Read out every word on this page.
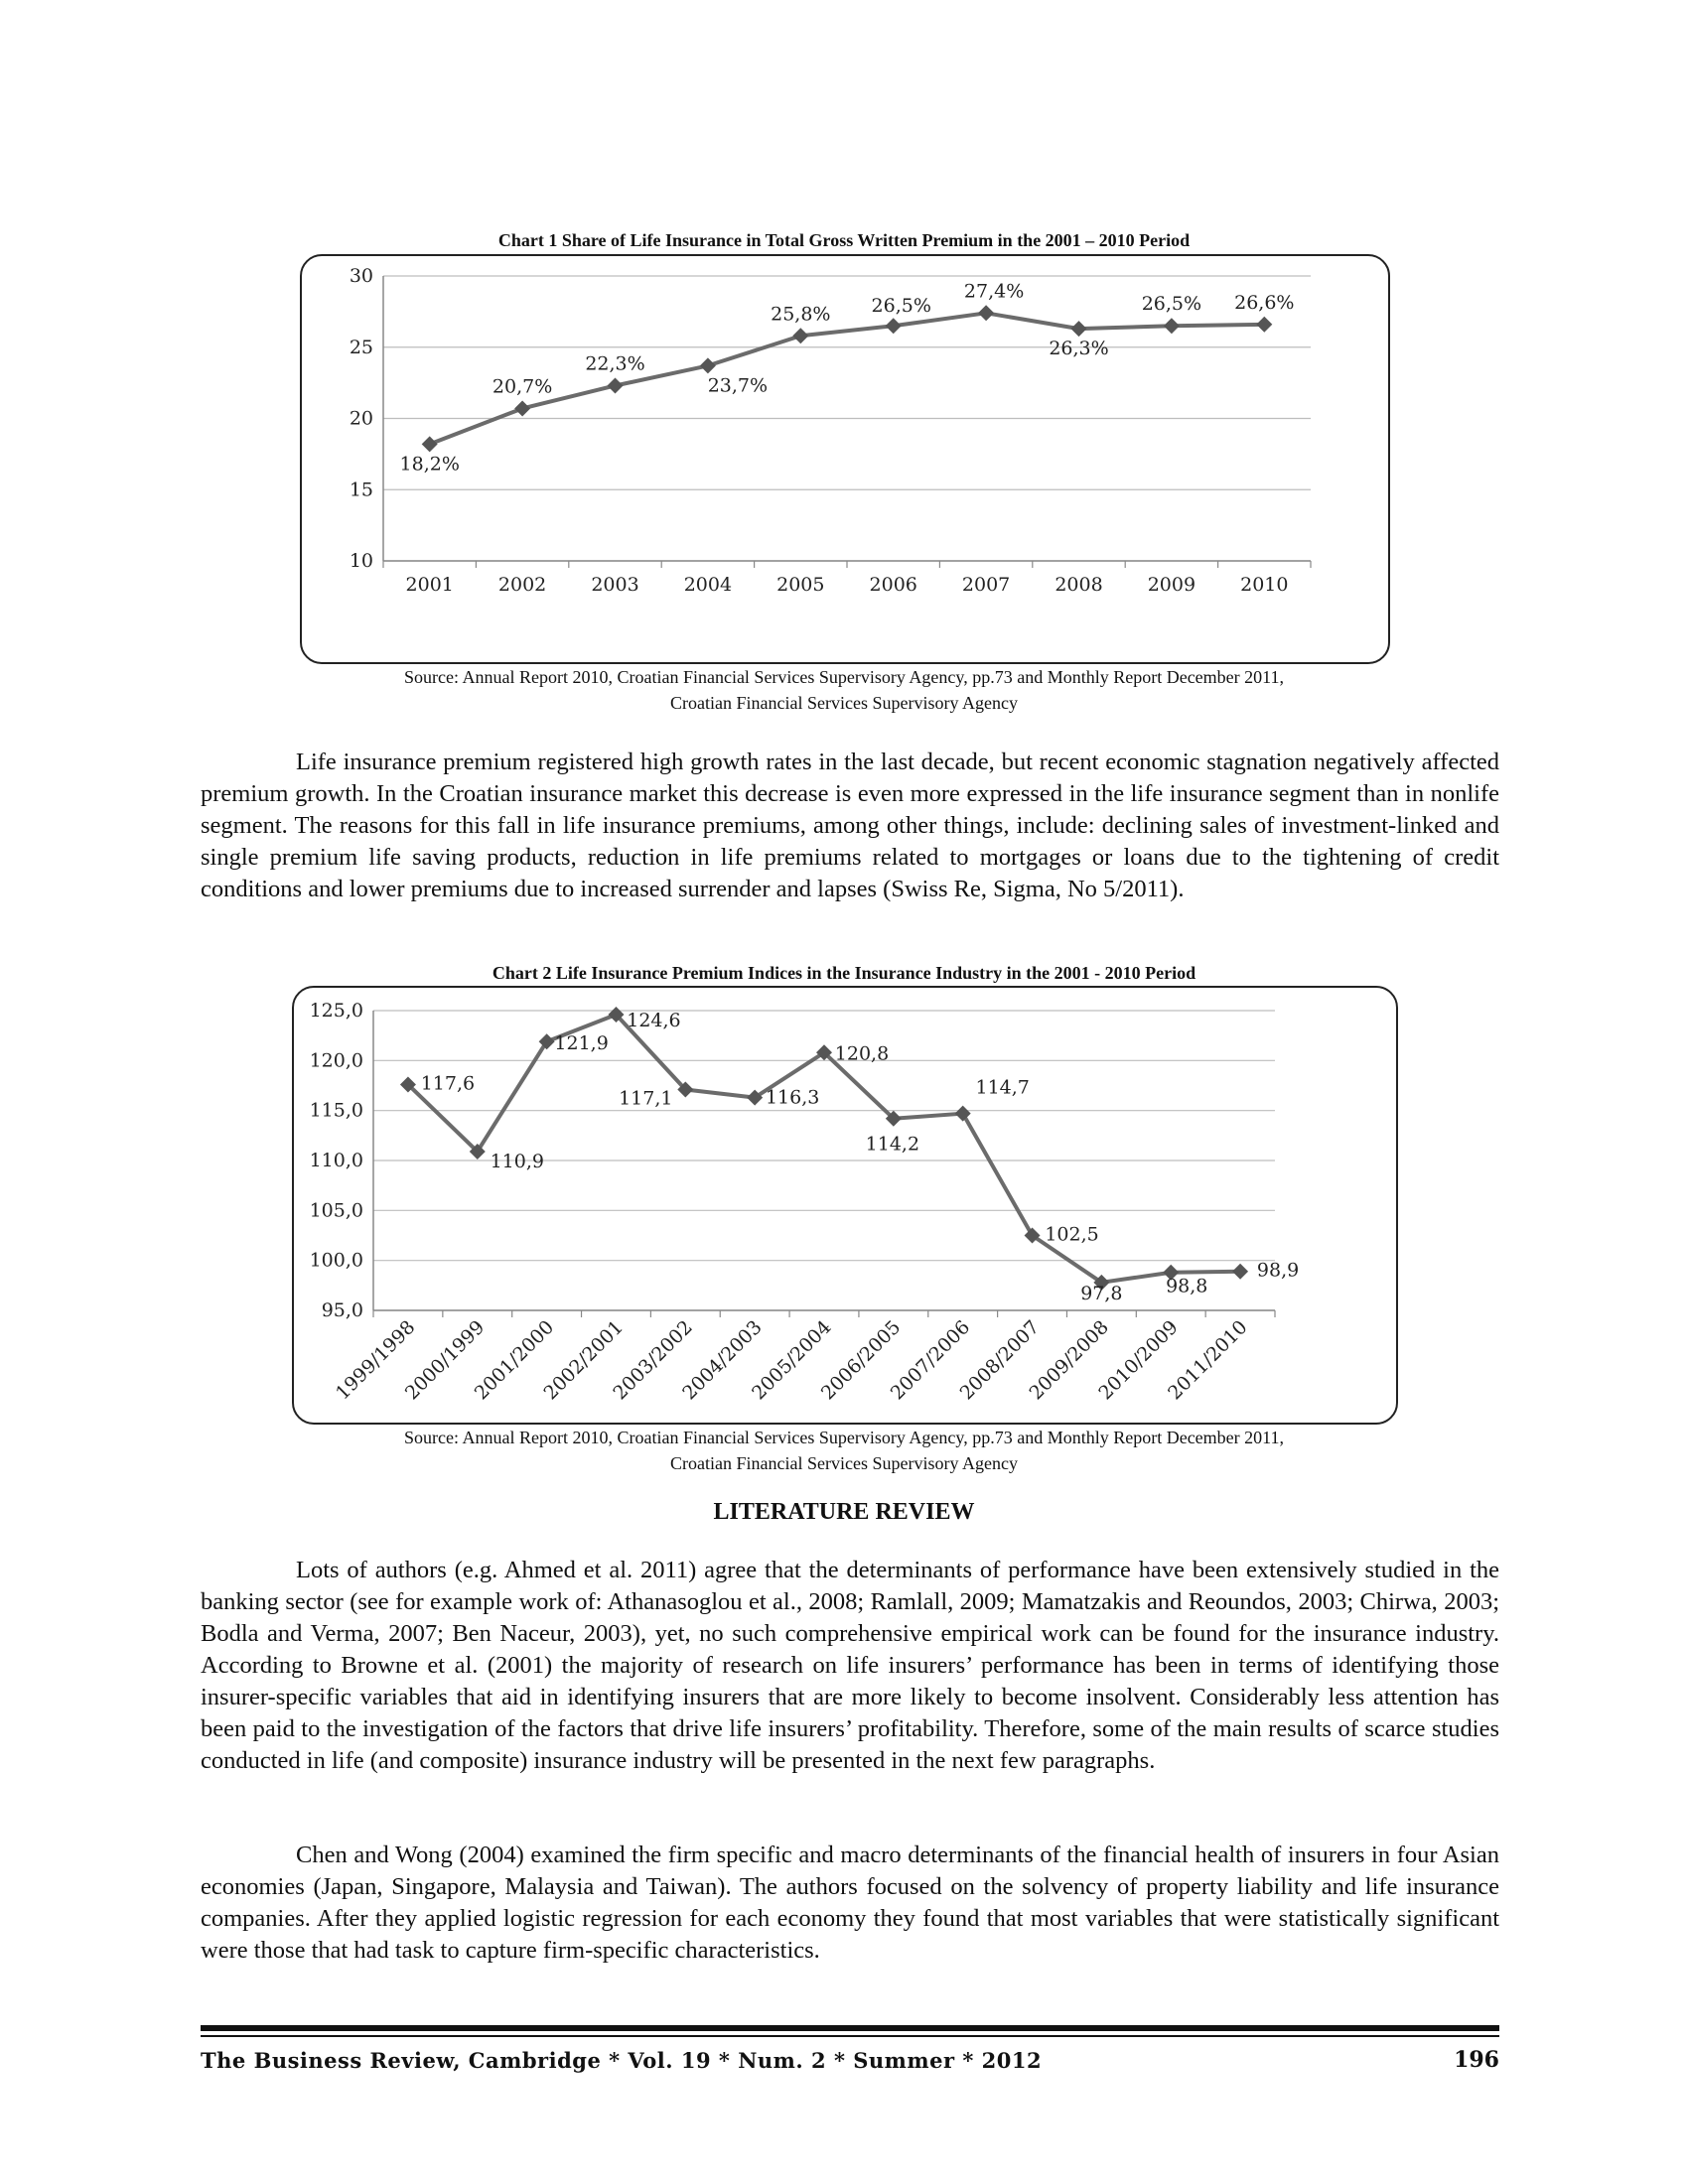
Chart 1 Share of Life Insurance in Total Gross Written Premium in the 2001 – 2010 Period
10
15
20
25
30
2001 2002 2003 2004 2005 2006 2007 2008 2009 2010
18,2%
20,7%
22,3%
23,7%
25,8% 26,5%
27,4%
26,3%
26,5% 26,6%
Source: Annual Report 2010, Croatian Financial Services Supervisory Agency, pp.73 and Monthly Report December 2011,
Croatian Financial Services Supervisory Agency
Life insurance premium registered high growth rates in the last decade, but recent economic stagnation negatively affected premium growth. In the Croatian insurance market this decrease is even more expressed in the life insurance segment than in nonlife segment. The reasons for this fall in life insurance premiums, among other things, include: declining sales of investment-linked and single premium life saving products, reduction in life premiums related to mortgages or loans due to the tightening of credit conditions and lower premiums due to increased surrender and lapses (Swiss Re, Sigma, No 5/2011).
Chart 2 Life Insurance Premium Indices in the Insurance Industry in the 2001 - 2010 Period
95,0
100,0
105,0
110,0
115,0
120,0
125,0
1999/1998
2000/1999
2001/2000
2002/2001
2003/2002
2004/2003
2005/2004
2006/2005
2007/2006
2008/2007
2009/2008
2010/2009
2011/2010
117,6
110,9
121,9
124,6
117,1	116,3
120,8
114,2
114,7
102,5
97,8 98,8
98,9
Source: Annual Report 2010, Croatian Financial Services Supervisory Agency, pp.73 and Monthly Report December 2011,
Croatian Financial Services Supervisory Agency
LITERATURE REVIEW
Lots of authors (e.g. Ahmed et al. 2011) agree that the determinants of performance have been extensively studied in the banking sector (see for example work of: Athanasoglou et al., 2008; Ramlall, 2009; Mamatzakis and Reoundos, 2003; Chirwa, 2003; Bodla and Verma, 2007; Ben Naceur, 2003), yet, no such comprehensive empirical work can be found for the insurance industry. According to Browne et al. (2001) the majority of research on life insurers’ performance has been in terms of identifying those insurer-specific variables that aid in identifying insurers that are more likely to become insolvent. Considerably less attention has been paid to the investigation of the factors that drive life insurers’ profitability. Therefore, some of the main results of scarce studies conducted in life (and composite) insurance industry will be presented in the next few paragraphs.
Chen and Wong (2004) examined the firm specific and macro determinants of the financial health of insurers in four Asian economies (Japan, Singapore, Malaysia and Taiwan). The authors focused on the solvency of property liability and life insurance companies. After they applied logistic regression for each economy they found that most variables that were statistically significant were those that had task to capture firm-specific characteristics.
The Business Review, Cambridge * Vol. 19 * Num. 2 * Summer * 2012	196
